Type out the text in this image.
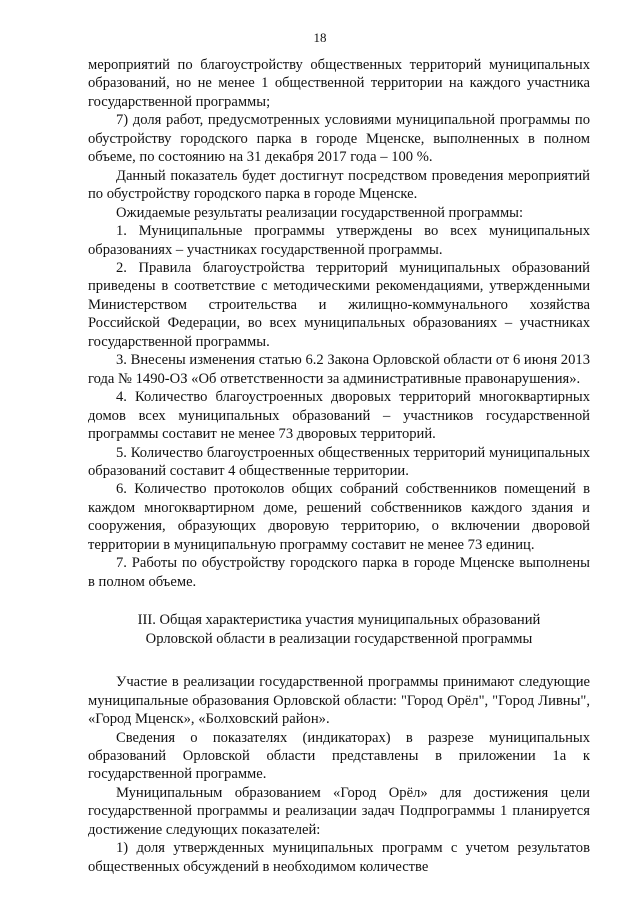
18

мероприятий по благоустройству общественных территорий муниципальных образований, но не менее 1 общественной территории на каждого участника государственной программы;

7) доля работ, предусмотренных условиями муниципальной программы по обустройству городского парка в городе Мценске, выполненных в полном объеме, по состоянию на 31 декабря 2017 года – 100 %.

Данный показатель будет достигнут посредством проведения мероприятий по обустройству городского парка в городе Мценске.

Ожидаемые результаты реализации государственной программы:

1. Муниципальные программы утверждены во всех муниципальных образованиях – участниках государственной программы.

2. Правила благоустройства территорий муниципальных образований приведены в соответствие с методическими рекомендациями, утвержденными Министерством строительства и жилищно-коммунального хозяйства Российской Федерации, во всех муниципальных образованиях – участниках государственной программы.

3. Внесены изменения статью 6.2 Закона Орловской области от 6 июня 2013 года № 1490-ОЗ «Об ответственности за административные правонарушения».

4. Количество благоустроенных дворовых территорий многоквартирных домов всех муниципальных образований – участников государственной программы составит не менее 73 дворовых территорий.

5. Количество благоустроенных общественных территорий муниципальных образований составит 4 общественные территории.

6. Количество протоколов общих собраний собственников помещений в каждом многоквартирном доме, решений собственников каждого здания и сооружения, образующих дворовую территорию, о включении дворовой территории в муниципальную программу составит не менее 73 единиц.

7. Работы по обустройству городского парка в городе Мценске выполнены в полном объеме.

III. Общая характеристика участия муниципальных образований
Орловской области в реализации государственной программы

Участие в реализации государственной программы принимают следующие муниципальные образования Орловской области: "Город Орёл", "Город Ливны", «Город Мценск», «Болховский район».

Сведения о показателях (индикаторах) в разрезе муниципальных образований Орловской области представлены в приложении 1а к государственной программе.

Муниципальным образованием «Город Орёл» для достижения цели государственной программы и реализации задач Подпрограммы 1 планируется достижение следующих показателей:

1) доля утвержденных муниципальных программ с учетом результатов общественных обсуждений в необходимом количестве
